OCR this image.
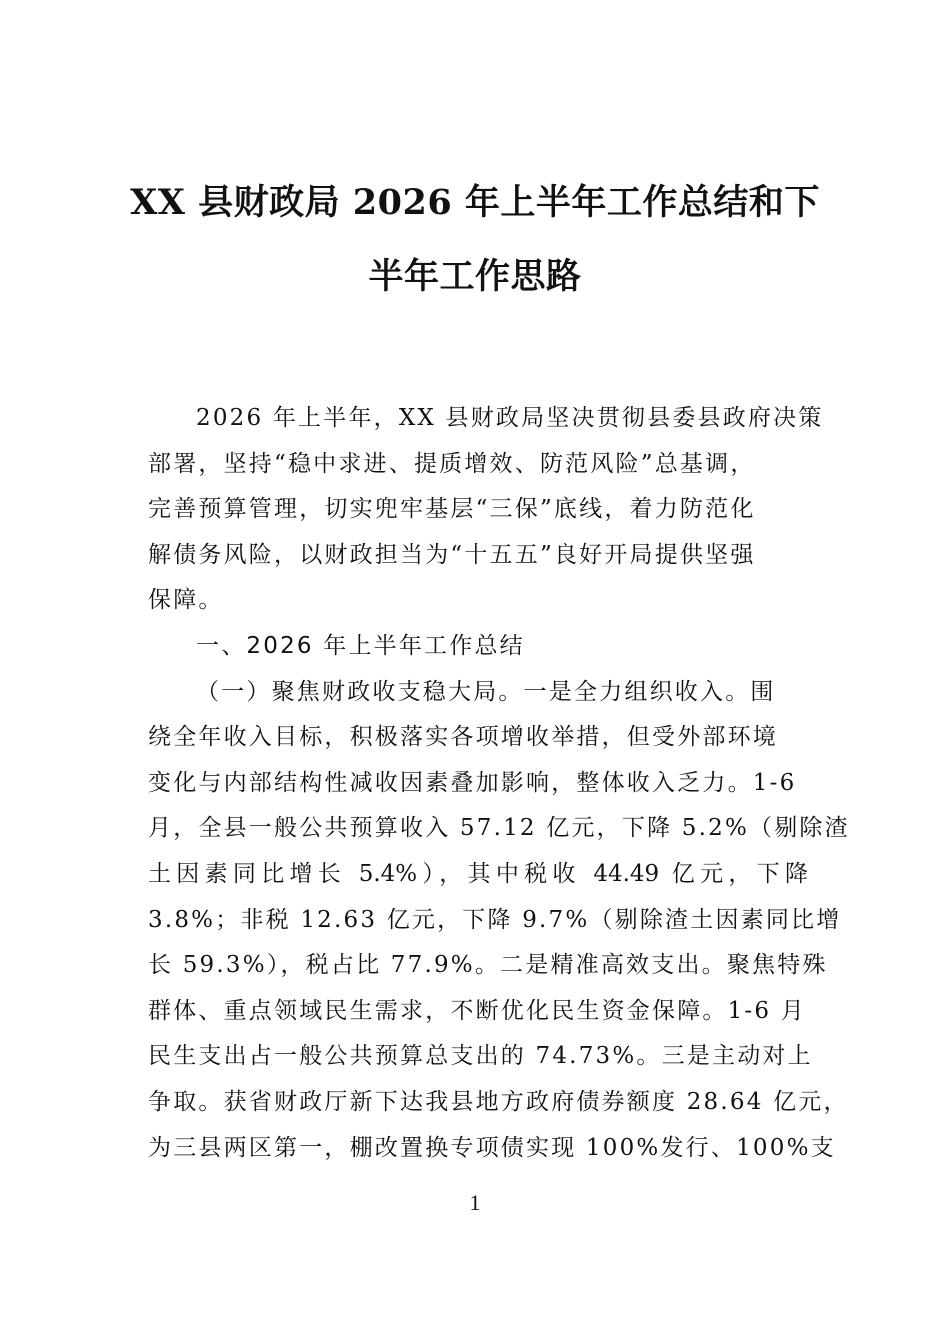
XX 县财政局 2026 年上半年工作总结和下
半年工作思路
2026 年上半年，XX 县财政局坚决贯彻县委县政府决策
部署，坚持“稳中求进、提质增效、防范风险”总基调，
完善预算管理，切实兜牢基层“三保”底线，着力防范化
解债务风险，以财政担当为“十五五”良好开局提供坚强
保障。
一、2026 年上半年工作总结
（一）聚焦财政收支稳大局。一是全力组织收入。围
绕全年收入目标，积极落实各项增收举措，但受外部环境
变化与内部结构性减收因素叠加影响，整体收入乏力。1-6
月，全县一般公共预算收入 57.12 亿元，下降 5.2%（剔除渣
土因素同比增长 5.4%），其中税收 44.49 亿元，下降
3.8%；非税 12.63 亿元，下降 9.7%（剔除渣土因素同比增
长 59.3%），税占比 77.9%。二是精准高效支出。聚焦特殊
群体、重点领域民生需求，不断优化民生资金保障。1-6 月
民生支出占一般公共预算总支出的 74.73%。三是主动对上
争取。获省财政厅新下达我县地方政府债券额度 28.64 亿元，
为三县两区第一，棚改置换专项债实现 100%发行、100%支
1
